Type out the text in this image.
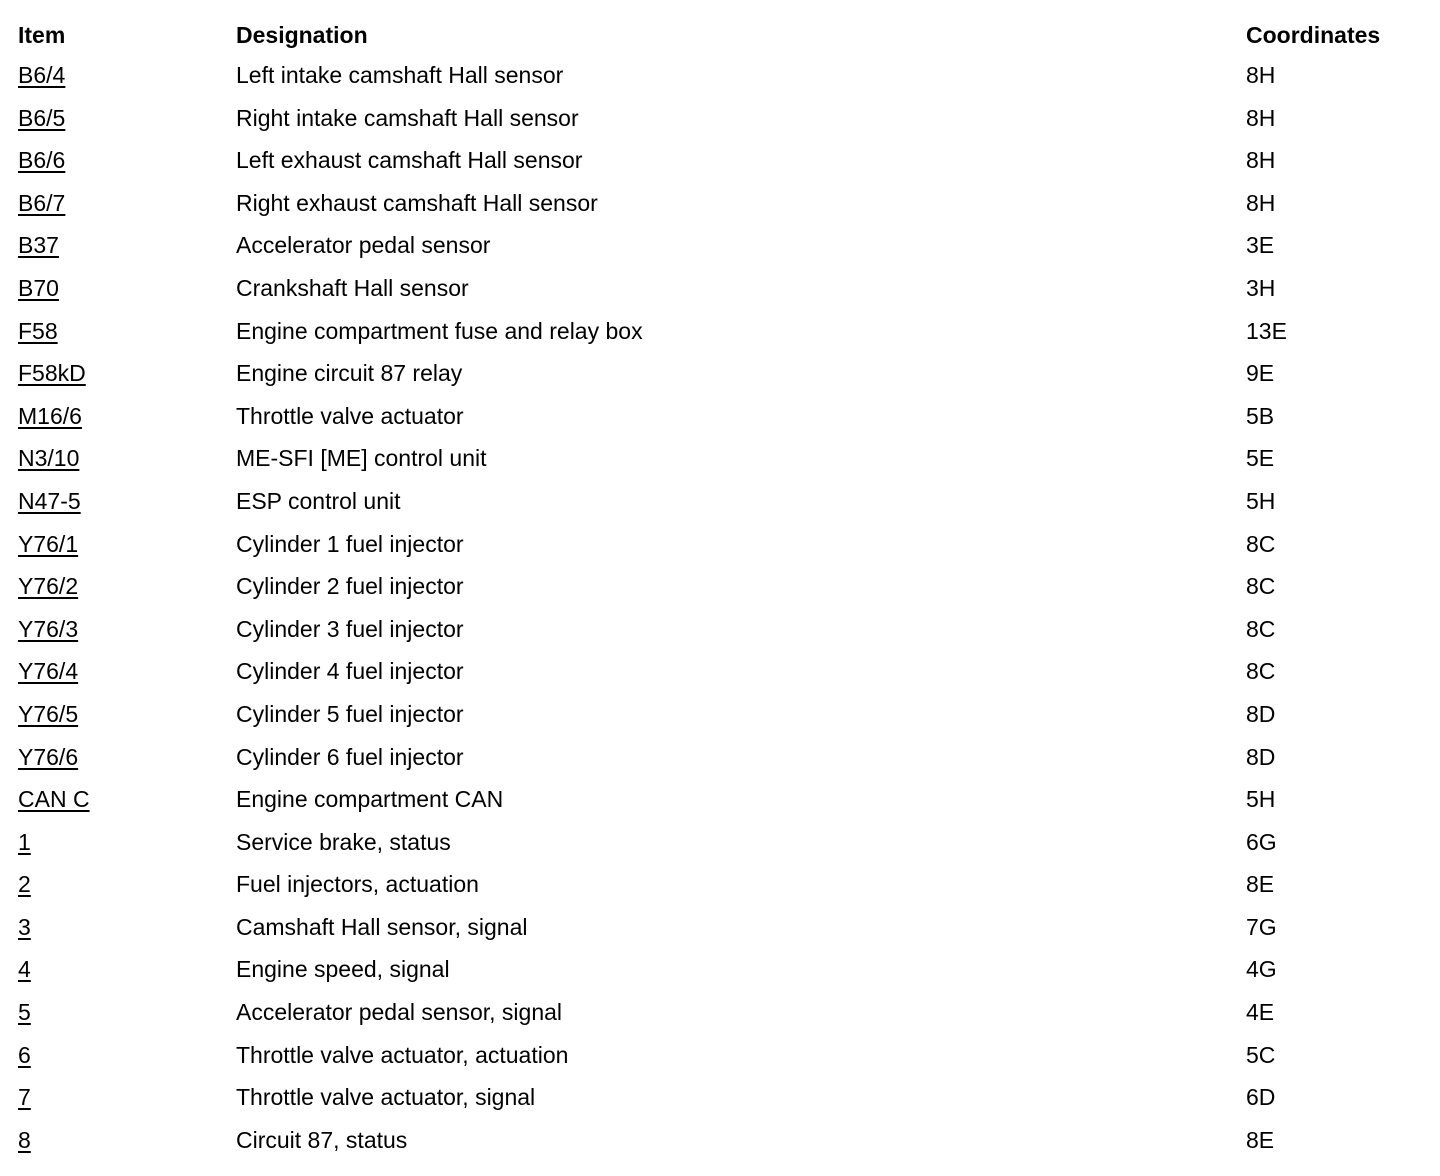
Item	Designation	Coordinates
B6/4	Left intake camshaft Hall sensor	8H
B6/5	Right intake camshaft Hall sensor	8H
B6/6	Left exhaust camshaft Hall sensor	8H
B6/7	Right exhaust camshaft Hall sensor	8H
B37	Accelerator pedal sensor	3E
B70	Crankshaft Hall sensor	3H
F58	Engine compartment fuse and relay box	13E
F58kD	Engine circuit 87 relay	9E
M16/6	Throttle valve actuator	5B
N3/10	ME-SFI [ME] control unit	5E
N47-5	ESP control unit	5H
Y76/1	Cylinder 1 fuel injector	8C
Y76/2	Cylinder 2 fuel injector	8C
Y76/3	Cylinder 3 fuel injector	8C
Y76/4	Cylinder 4 fuel injector	8C
Y76/5	Cylinder 5 fuel injector	8D
Y76/6	Cylinder 6 fuel injector	8D
CAN C	Engine compartment CAN	5H
1	Service brake, status	6G
2	Fuel injectors, actuation	8E
3	Camshaft Hall sensor, signal	7G
4	Engine speed, signal	4G
5	Accelerator pedal sensor, signal	4E
6	Throttle valve actuator, actuation	5C
7	Throttle valve actuator, signal	6D
8	Circuit 87, status	8E
